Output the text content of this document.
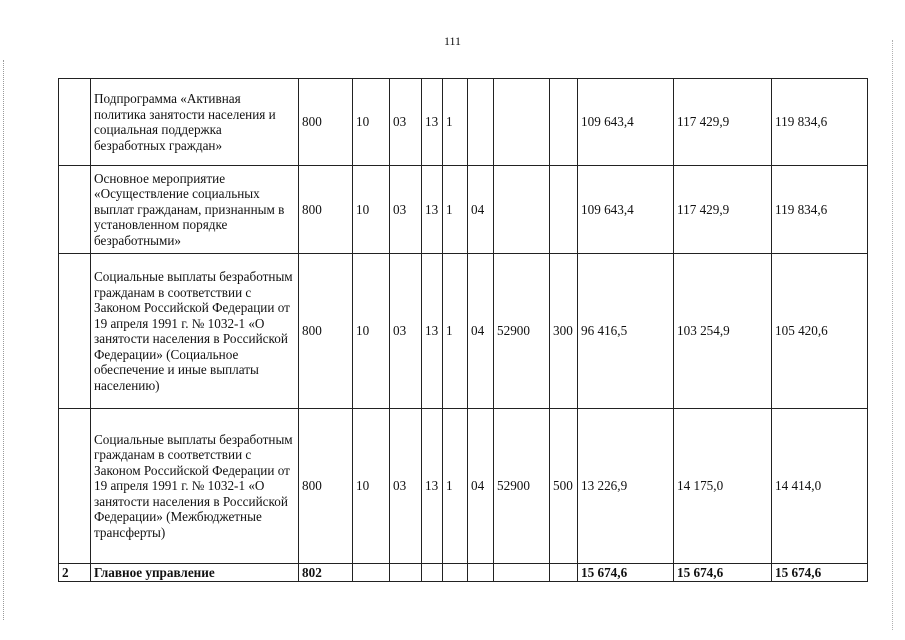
111
	Подпрограмма «Активная политика занятости населения и социальная поддержка безработных граждан»	800	10	03	13	1				109 643,4	117 429,9	119 834,6
	Основное мероприятие «Осуществление социальных выплат гражданам, признанным в установленном порядке безработными»	800	10	03	13	1	04			109 643,4	117 429,9	119 834,6
	Социальные выплаты безработным гражданам в соответствии с Законом Российской Федерации от 19 апреля 1991 г. № 1032-1 «О занятости населения в Российской Федерации» (Социальное обеспечение и иные выплаты населению)	800	10	03	13	1	04	52900	300	96 416,5	103 254,9	105 420,6
	Социальные выплаты безработным гражданам в соответствии с Законом Российской Федерации от 19 апреля 1991 г. № 1032-1 «О занятости населения в Российской Федерации» (Межбюджетные трансферты)	800	10	03	13	1	04	52900	500	13 226,9	14 175,0	14 414,0
2	Главное управление	802								15 674,6	15 674,6	15 674,6
